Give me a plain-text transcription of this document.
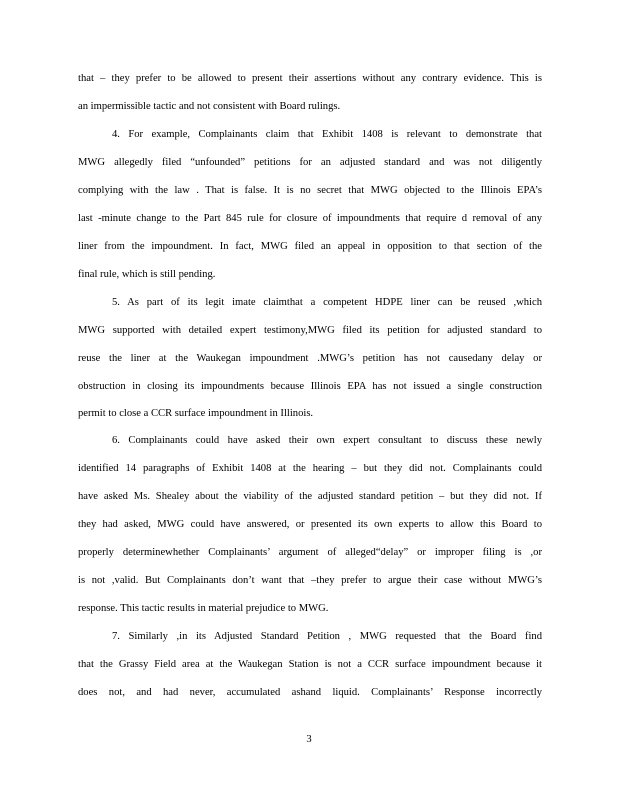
that – they prefer to be allowed to present their assertions without any contrary evidence. This is
an impermissible tactic and not consistent with Board rulings.
4. For example, Complainants claim that Exhibit 1408 is relevant to demonstrate that
MWG allegedly filed “unfounded” petitions for an adjusted standard and was not diligently
complying with the law . That is false. It is no secret that MWG objected to the Illinois EPA’s
last -minute change to the Part 845 rule for closure of impoundments that require d removal of any
liner from the impoundment. In fact, MWG filed an appeal in opposition to that section of the
final rule, which is still pending.
5. As part of its legit imate claimthat a competent HDPE liner can be reused ,which
MWG supported with detailed expert testimony,MWG filed its petition for adjusted standard to
reuse the liner at the Waukegan impoundment .MWG’s petition has not causedany delay or
obstruction in closing its impoundments because Illinois EPA has not issued a single construction
permit to close a CCR surface impoundment in Illinois.
6. Complainants could have asked their own expert consultant to discuss these newly
identified 14 paragraphs of Exhibit 1408 at the hearing – but they did not. Complainants could
have asked Ms. Shealey about the viability of the adjusted standard petition – but they did not. If
they had asked, MWG could have answered, or presented its own experts to allow this Board to
properly determinewhether Complainants’ argument of alleged“delay” or improper filing is ,or
is not ,valid. But Complainants don’t want that –they prefer to argue their case without MWG’s
response. This tactic results in material prejudice to MWG.
7. Similarly ,in its Adjusted Standard Petition , MWG requested that the Board find
that the Grassy Field area at the Waukegan Station is not a CCR surface impoundment because it
does not, and had never, accumulated ashand liquid. Complainants’ Response incorrectly
3
